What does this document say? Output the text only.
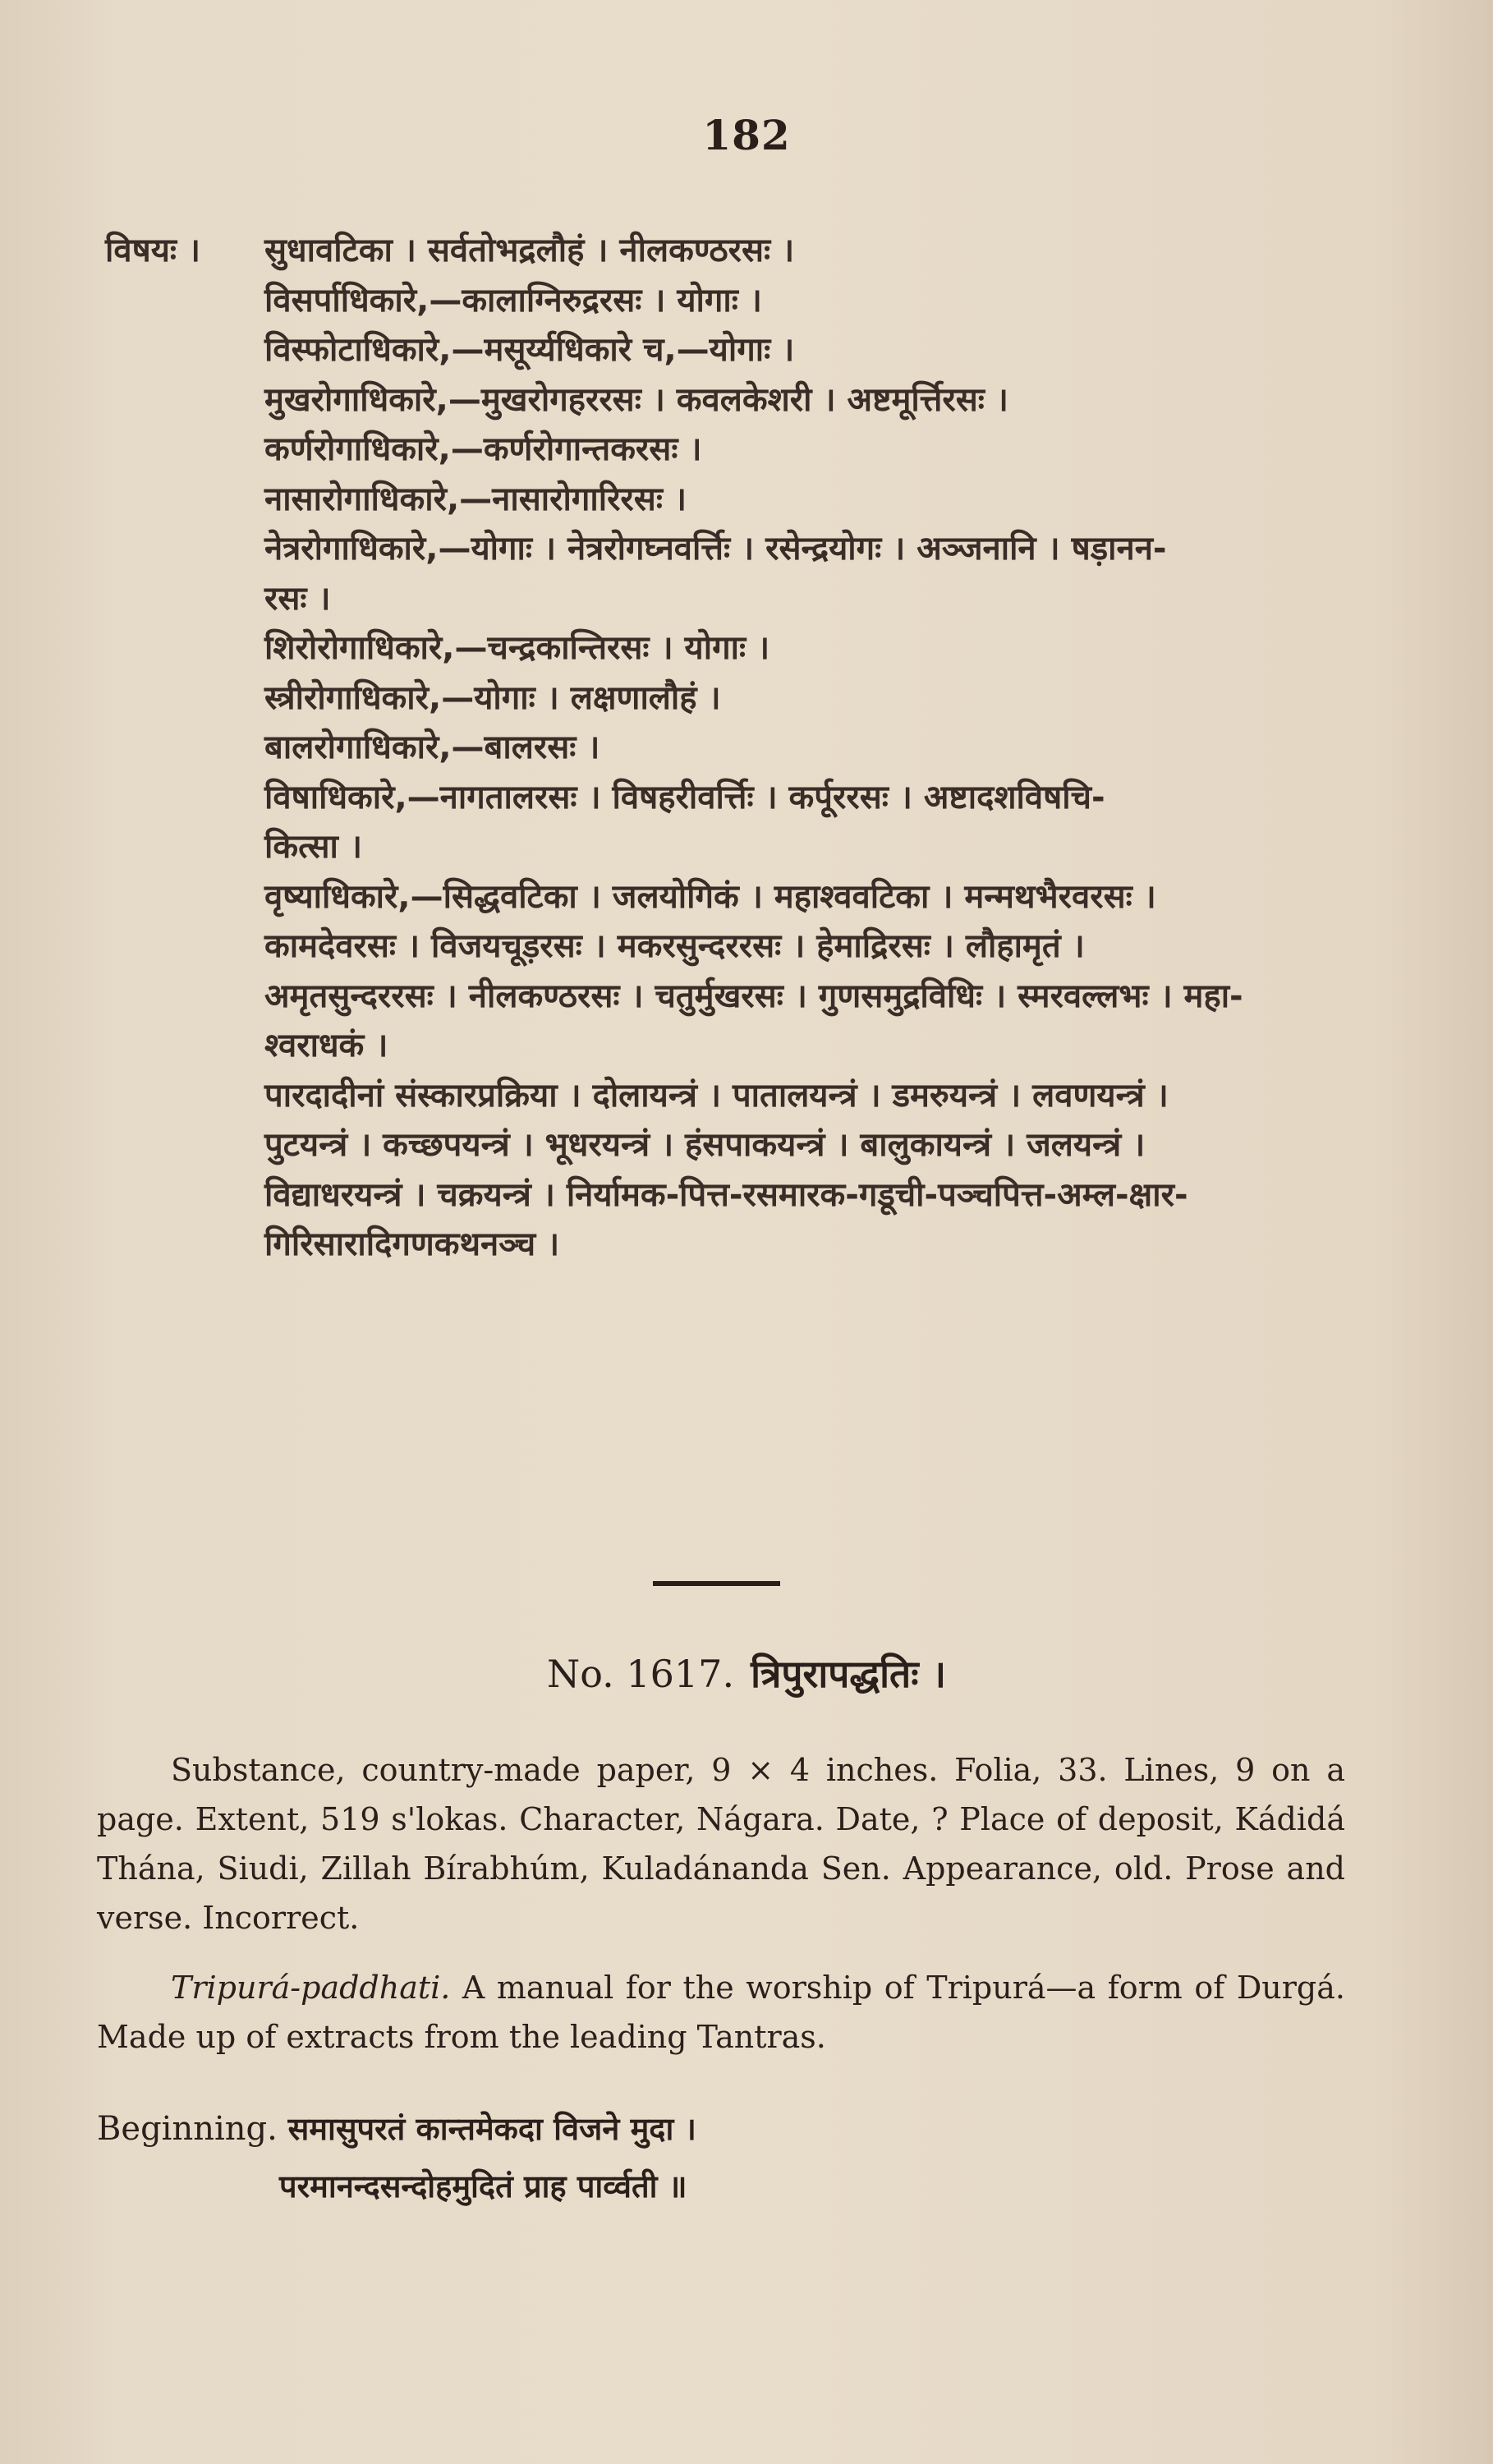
182
विषयः । सुधावटिका । सर्वतोभद्रलौहं । नीलकण्ठरसः ।
विसर्पाधिकारे,—कालाग्निरुद्ररसः । योगाः ।
विस्फोटाधिकारे,—मसूर्य्यधिकारे च,—योगाः ।
मुखरोगाधिकारे,—मुखरोगहररसः । कवलकेशरी । अष्टमूर्त्तिरसः ।
कर्णरोगाधिकारे,—कर्णरोगान्तकरसः ।
नासारोगाधिकारे,—नासारोगारिरसः ।
नेत्ररोगाधिकारे,—योगाः । नेत्ररोगघ्नवर्त्तिः । रसेन्द्रयोगः । अञ्जनानि । षड़ानन-
रसः ।
शिरोरोगाधिकारे,—चन्द्रकान्तिरसः । योगाः ।
स्त्रीरोगाधिकारे,—योगाः । लक्षणालौहं ।
बालरोगाधिकारे,—बालरसः ।
विषाधिकारे,—नागतालरसः । विषहरीवर्त्तिः । कर्पूररसः । अष्टादशविषचि-
कित्सा ।
वृष्याधिकारे,—सिद्धवटिका । जलयोगिकं । महाश्ववटिका । मन्मथभैरवरसः ।
कामदेवरसः । विजयचूड़रसः । मकरसुन्दररसः । हेमाद्रिरसः । लौहामृतं ।
अमृतसुन्दररसः । नीलकण्ठरसः । चतुर्मुखरसः । गुणसमुद्रविधिः । स्मरवल्लभः । महा-
श्वराधकं ।
पारदादीनां संस्कारप्रक्रिया । दोलायन्त्रं । पातालयन्त्रं । डमरुयन्त्रं । लवणयन्त्रं ।
पुटयन्त्रं । कच्छपयन्त्रं । भूधरयन्त्रं । हंसपाकयन्त्रं । बालुकायन्त्रं । जलयन्त्रं ।
विद्याधरयन्त्रं । चक्रयन्त्रं । निर्यामक-पित्त-रसमारक-गडूची-पञ्चपित्त-अम्ल-क्षार-
गिरिसारादिगणकथनञ्च ।
No. 1617. त्रिपुरापद्धतिः ।
Substance, country-made paper, 9 × 4 inches. Folia, 33. Lines, 9 on a page. Extent, 519 s'lokas. Character, Nágara. Date, ? Place of deposit, Kádidá Thána, Siudi, Zillah Bírabhúm, Kuladánanda Sen. Appearance, old. Prose and verse. Incorrect.
Tripurá-paddhati. A manual for the worship of Tripurá—a form of Durgá. Made up of extracts from the leading Tantras.
Beginning. समासुपरतं कान्तमेकदा विजने मुदा ।
परमानन्दसन्दोहमुदितं प्राह पार्व्वती ॥
